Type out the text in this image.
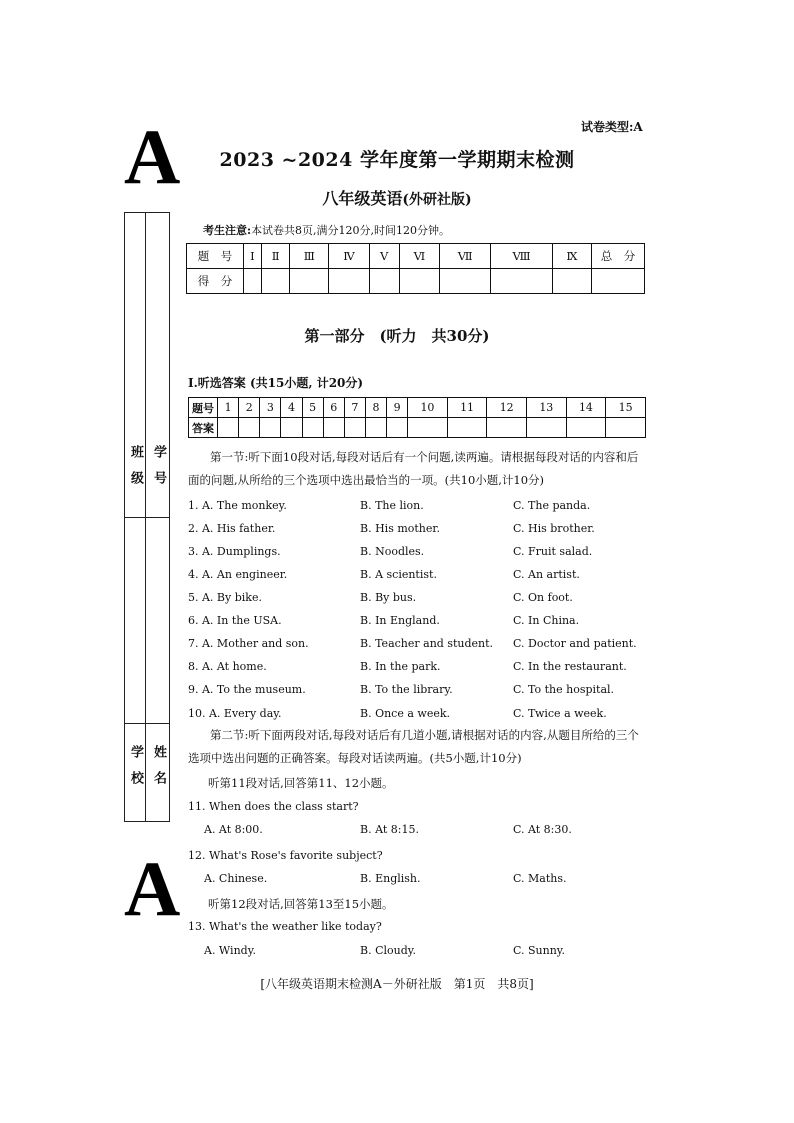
A
A
试卷类型:A
2023 ~2024 学年度第一学期期末检测
八年级英语(外研社版)
考生注意:本试卷共8页,满分120分,时间120分钟。
班　级 学　号
学　校 姓　名
题　号	Ⅰ	Ⅱ	Ⅲ	Ⅳ	Ⅴ	Ⅵ	Ⅶ	Ⅷ	Ⅸ	总　分
得　分										
第一部分　(听力　共30分)
Ⅰ.听选答案 (共15小题, 计20分)
题号	1	2	3	4	5	6	7	8	9	10	11	12	13	14	15
答案															
第一节:听下面10段对话,每段对话后有一个问题,读两遍。请根据每段对话的内容和后面的问题,从所给的三个选项中选出最恰当的一项。(共10小题,计10分)
1. A. The monkey.	B. The lion.	C. The panda.
2. A. His father.	B. His mother.	C. His brother.
3. A. Dumplings.	B. Noodles.	C. Fruit salad.
4. A. An engineer.	B. A scientist.	C. An artist.
5. A. By bike.	B. By bus.	C. On foot.
6. A. In the USA.	B. In England.	C. In China.
7. A. Mother and son.	B. Teacher and student. C. Doctor and patient.
8. A. At home.	B. In the park.	C. In the restaurant.
9. A. To the museum.	B. To the library.	C. To the hospital.
10. A. Every day.	B. Once a week.	C. Twice a week.
第二节:听下面两段对话,每段对话后有几道小题,请根据对话的内容,从题目所给的三个选项中选出问题的正确答案。每段对话读两遍。(共5小题,计10分)
听第11段对话,回答第11、12小题。
11. When does the class start?
A. At 8:00.	B. At 8:15.	C. At 8:30.
12. What's Rose's favorite subject?
A. Chinese.	B. English.	C. Maths.
听第12段对话,回答第13至15小题。
13. What's the weather like today?
A. Windy.	B. Cloudy.	C. Sunny.
[八年级英语期末检测A－外研社版　第1页　共8页]
